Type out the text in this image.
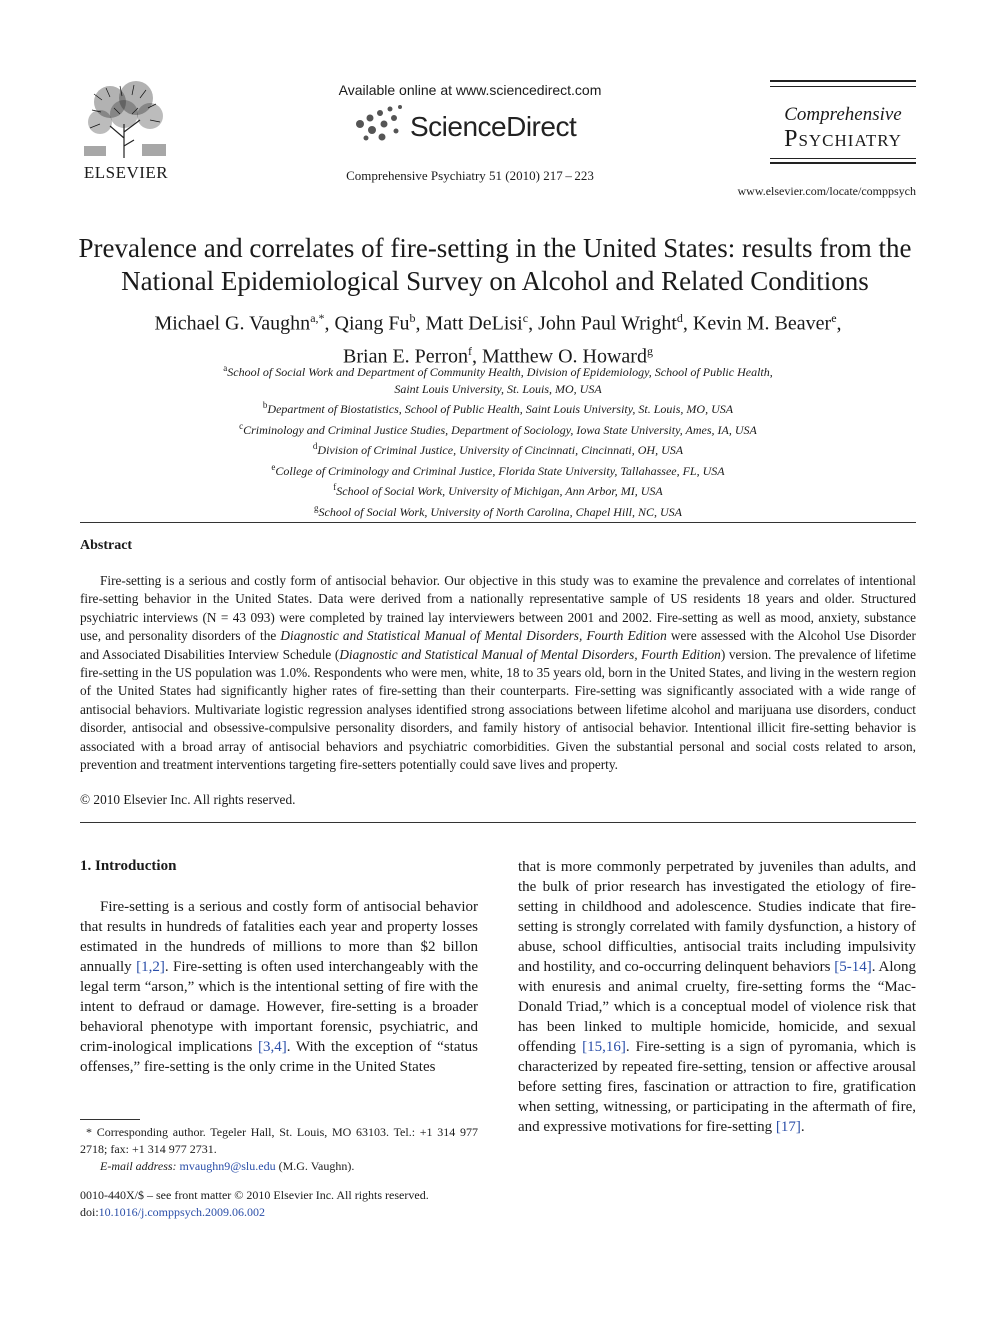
ELSEVIER
Available online at www.sciencedirect.com
ScienceDirect
Comprehensive Psychiatry 51 (2010) 217 – 223
Comprehensive
Psychiatry
www.elsevier.com/locate/comppsych
Prevalence and correlates of fire-setting in the United States: results from the National Epidemiological Survey on Alcohol and Related Conditions
Michael G. Vaughn$^{a,*}$, Qiang Fu$^b$, Matt DeLisi$^c$, John Paul Wright$^d$, Kevin M. Beaver$^e$,
Brian E. Perron$^f$, Matthew O. Howard$^g$
$^a$School of Social Work and Department of Community Health, Division of Epidemiology, School of Public Health,
Saint Louis University, St. Louis, MO, USA
$^b$Department of Biostatistics, School of Public Health, Saint Louis University, St. Louis, MO, USA
$^c$Criminology and Criminal Justice Studies, Department of Sociology, Iowa State University, Ames, IA, USA
$^d$Division of Criminal Justice, University of Cincinnati, Cincinnati, OH, USA
$^e$College of Criminology and Criminal Justice, Florida State University, Tallahassee, FL, USA
$^f$School of Social Work, University of Michigan, Ann Arbor, MI, USA
$^g$School of Social Work, University of North Carolina, Chapel Hill, NC, USA
Abstract

Fire-setting is a serious and costly form of antisocial behavior. Our objective in this study was to examine the prevalence and correlates of intentional fire-setting behavior in the United States. Data were derived from a nationally representative sample of US residents 18 years and older. Structured psychiatric interviews (N = 43 093) were completed by trained lay interviewers between 2001 and 2002. Fire-setting as well as mood, anxiety, substance use, and personality disorders of the Diagnostic and Statistical Manual of Mental Disorders, Fourth Edition were assessed with the Alcohol Use Disorder and Associated Disabilities Interview Schedule (Diagnostic and Statistical Manual of Mental Disorders, Fourth Edition) version. The prevalence of lifetime fire-setting in the US population was 1.0%. Respondents who were men, white, 18 to 35 years old, born in the United States, and living in the western region of the United States had significantly higher rates of fire-setting than their counterparts. Fire-setting was significantly associated with a wide range of antisocial behaviors. Multivariate logistic regression analyses identified strong associations between lifetime alcohol and marijuana use disorders, conduct disorder, antisocial and obsessive-compulsive personality disorders, and family history of antisocial behavior. Intentional illicit fire-setting behavior is associated with a broad array of antisocial behaviors and psychiatric comorbidities. Given the substantial personal and social costs related to arson, prevention and treatment interventions targeting fire-setters potentially could save lives and property.

© 2010 Elsevier Inc. All rights reserved.
1. Introduction

Fire-setting is a serious and costly form of antisocial behavior that results in hundreds of fatalities each year and property losses estimated in the hundreds of millions to more than $2 billon annually [1,2]. Fire-setting is often used interchangeably with the legal term “arson,” which is the intentional setting of fire with the intent to defraud or damage. However, fire-setting is a broader behavioral phenotype with important forensic, psychiatric, and crim-inological implications [3,4]. With the exception of “status offenses,” fire-setting is the only crime in the United States

that is more commonly perpetrated by juveniles than adults, and the bulk of prior research has investigated the etiology of fire-setting in childhood and adolescence. Studies indicate that fire-setting is strongly correlated with family dysfunction, a history of abuse, school difficulties, antisocial traits including impulsivity and hostility, and co-occurring delinquent behaviors [5-14]. Along with enuresis and animal cruelty, fire-setting forms the “Mac-Donald Triad,” which is a conceptual model of violence risk that has been linked to multiple homicide, homicide, and sexual offending [15,16]. Fire-setting is a sign of pyromania, which is characterized by repeated fire-setting, tension or affective arousal before setting fires, fascination or attraction to fire, gratification when setting, witnessing, or participating in the aftermath of fire, and expressive motivations for fire-setting [17].

* Corresponding author. Tegeler Hall, St. Louis, MO 63103. Tel.: +1 314 977 2718; fax: +1 314 977 2731.

E-mail address: mvaughn9@slu.edu (M.G. Vaughn).

0010-440X/$ – see front matter © 2010 Elsevier Inc. All rights reserved.
doi:10.1016/j.comppsych.2009.06.002
